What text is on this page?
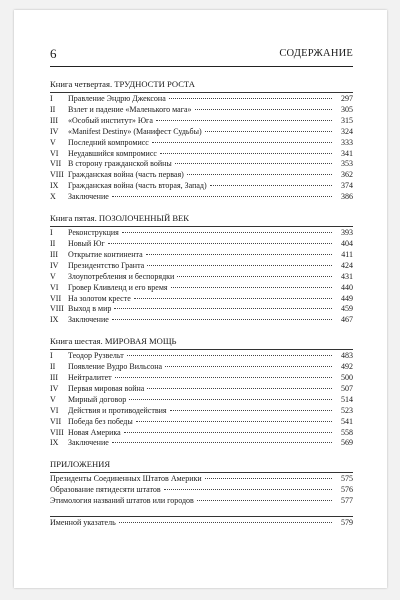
6	СОДЕРЖАНИЕ
Книга четвертая. ТРУДНОСТИ РОСТА
I	Правление Эндрю Джексона	297
II	Взлет и падение «Маленького мага»	305
III	«Особый институт» Юга	315
IV	«Manifest Destiny» (Манифест Судьбы)	324
V	Последний компромисс	333
VI	Неудавшийся компромисс	341
VII В сторону гражданской войны	353
VIII Гражданская война (часть первая)	362
IX	Гражданская война (часть вторая, Запад)	374
X	Заключение	386
Книга пятая. ПОЗОЛОЧЕННЫЙ ВЕК
I	Реконструкция	393
II	Новый Юг	404
III	Открытие континента	411
IV	Президентство Гранта	424
V	Злоупотребления и беспорядки	431
VI	Гровер Кливленд и его время	440
VII На золотом кресте	449
VIII Выход в мир	459
IX	Заключение	467
Книга шестая. МИРОВАЯ МОЩЬ
I	Теодор Рузвельт	483
II	Появление Вудро Вильсона	492
III	Нейтралитет	500
IV	Первая мировая война	507
V	Мирный договор	514
VI	Действия и противодействия	523
VII Победа без победы	541
VIII Новая Америка	558
IX	Заключение	569
ПРИЛОЖЕНИЯ
Президенты Соединенных Штатов Америки	575
Образование пятидесяти штатов	576
Этимология названий штатов или городов	577
Именной указатель	579
